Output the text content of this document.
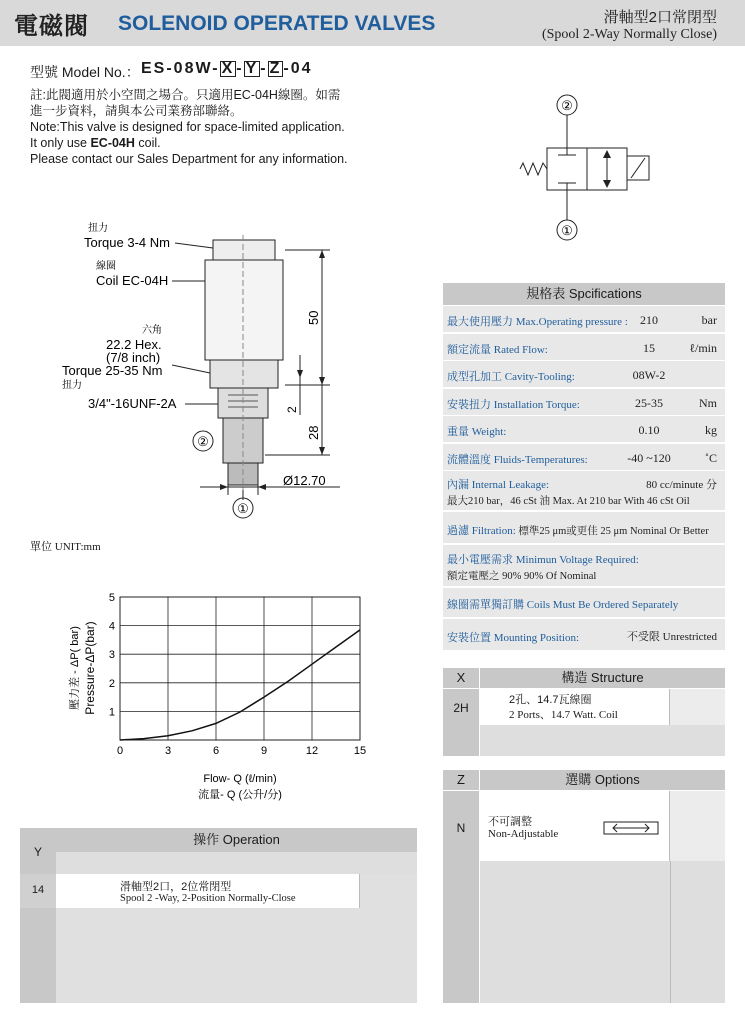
電磁閥 SOLENOID OPERATED VALVES	滑軸型2口常閉型
(Spool 2-Way Normally Close)
型號 Model No.： ES-08W- X - Y - Z -04
註:此閥適用於小空間之場合。只適用EC-04H線圈。如需
進一步資料，請與本公司業務部聯絡。
Note:This valve is designed for space-limited application.
It only use EC-04H coil.
Please contact our Sales Department for any information.
②
①
50
28
2
Ø12.70
②
①
扭力
Torque 3-4 Nm
線圈
Coil EC-04H
六角
22.2 Hex.
(7/8 inch)
Torque 25-35 Nm
扭力
3/4"-16UNF-2A
單位 UNIT:mm
0	3	6	9	12	15
1
2
3
4
5
壓力差 - ΔP( bar) Pressure-ΔP(bar)
Flow- Q (ℓ/min)
流量- Q (公升/分)
Y
操作 Operation
14	滑軸型2口，2位常閉型
Spool 2 -Way, 2-Position Normally-Close
規格表 Spcifications
最大使用壓力 Max.Operating pressure :	210	bar
額定流量 Rated Flow:	15	ℓ/min
成型孔加工 Cavity-Tooling:	08W-2
安裝扭力 Installation Torque:	25-35	Nm
重量 Weight:	0.10	kg
流體溫度 Fluids-Temperatures:	-40 ~120	˚C
內漏 Internal Leakage:	80 cc/minute 分
最大210 bar，46 cSt 油 Max. At 210 bar With 46 cSt Oil
過濾 Filtration: 標準25 μm或更佳 25 μm Nominal Or Better
最小電壓需求 Minimun Voltage Required:
額定電壓之 90% 90% Of Nominal
線圈需單獨訂購 Coils Must Be Ordered Separately
安裝位置 Mounting Position:	不受限 Unrestricted
X	構造 Structure
2H
2孔、14.7瓦線圈
2 Ports、14.7 Watt. Coil
Z	選購 Options
N	不可調整
Non-Adjustable
